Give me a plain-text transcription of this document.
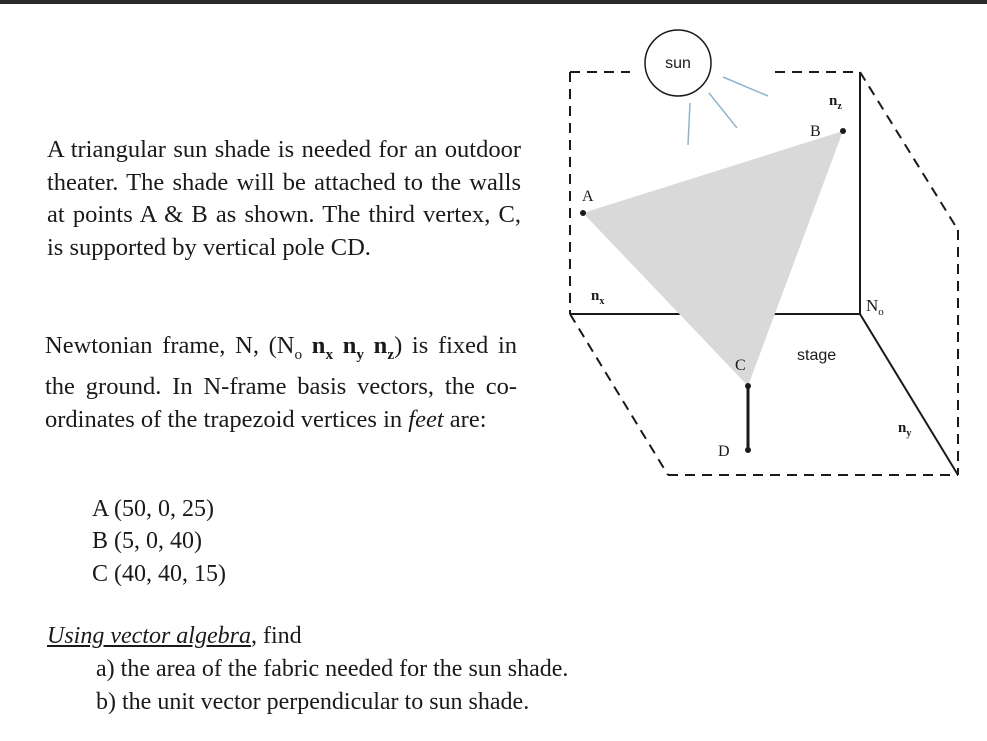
A triangular sun shade is needed for an outdoor theater. The shade will be attached to the walls at points A & B as shown. The third vertex, C, is supported by vertical pole CD.
Newtonian frame, N, ($N_o$ $n_x$ $n_y$ $n_z$) is fixed in the ground. In N-frame basis vectors, the co-ordinates of the trapezoid vertices in feet are:
A (50, 0, 25)
B (5, 0, 40)
C (40, 40, 15)
Using vector algebra, find
a) the area of the fabric needed for the sun shade.
b) the unit vector perpendicular to sun shade.
sun
A
B
C
D
stage
$N_o$
$n_x$
$n_y$
$n_z$
